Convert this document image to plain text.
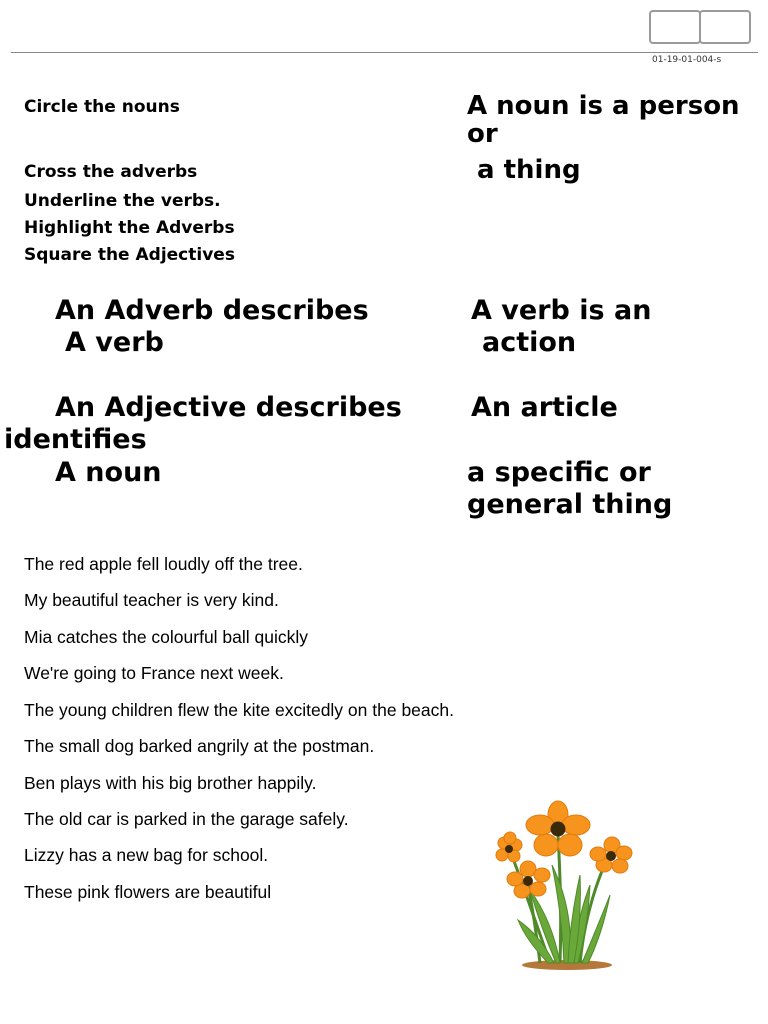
01-19-01-004-s
Circle the nouns
Cross the adverbs
Underline the verbs.
Highlight the Adverbs
Square the Adjectives
A noun is a person
or
a thing
An Adverb describes
A verb
A verb is an
action
An Adjective describes
identifies
A noun
An article
a specific or
general thing
The red apple fell loudly off the tree.
My beautiful teacher is very kind.
Mia catches the colourful ball quickly
We're going to France next week.
The young children flew the kite excitedly on the beach.
The small dog barked angrily at the postman.
Ben plays with his big brother happily.
The old car is parked in the garage safely.
Lizzy has a new bag for school.
These pink flowers are beautiful
